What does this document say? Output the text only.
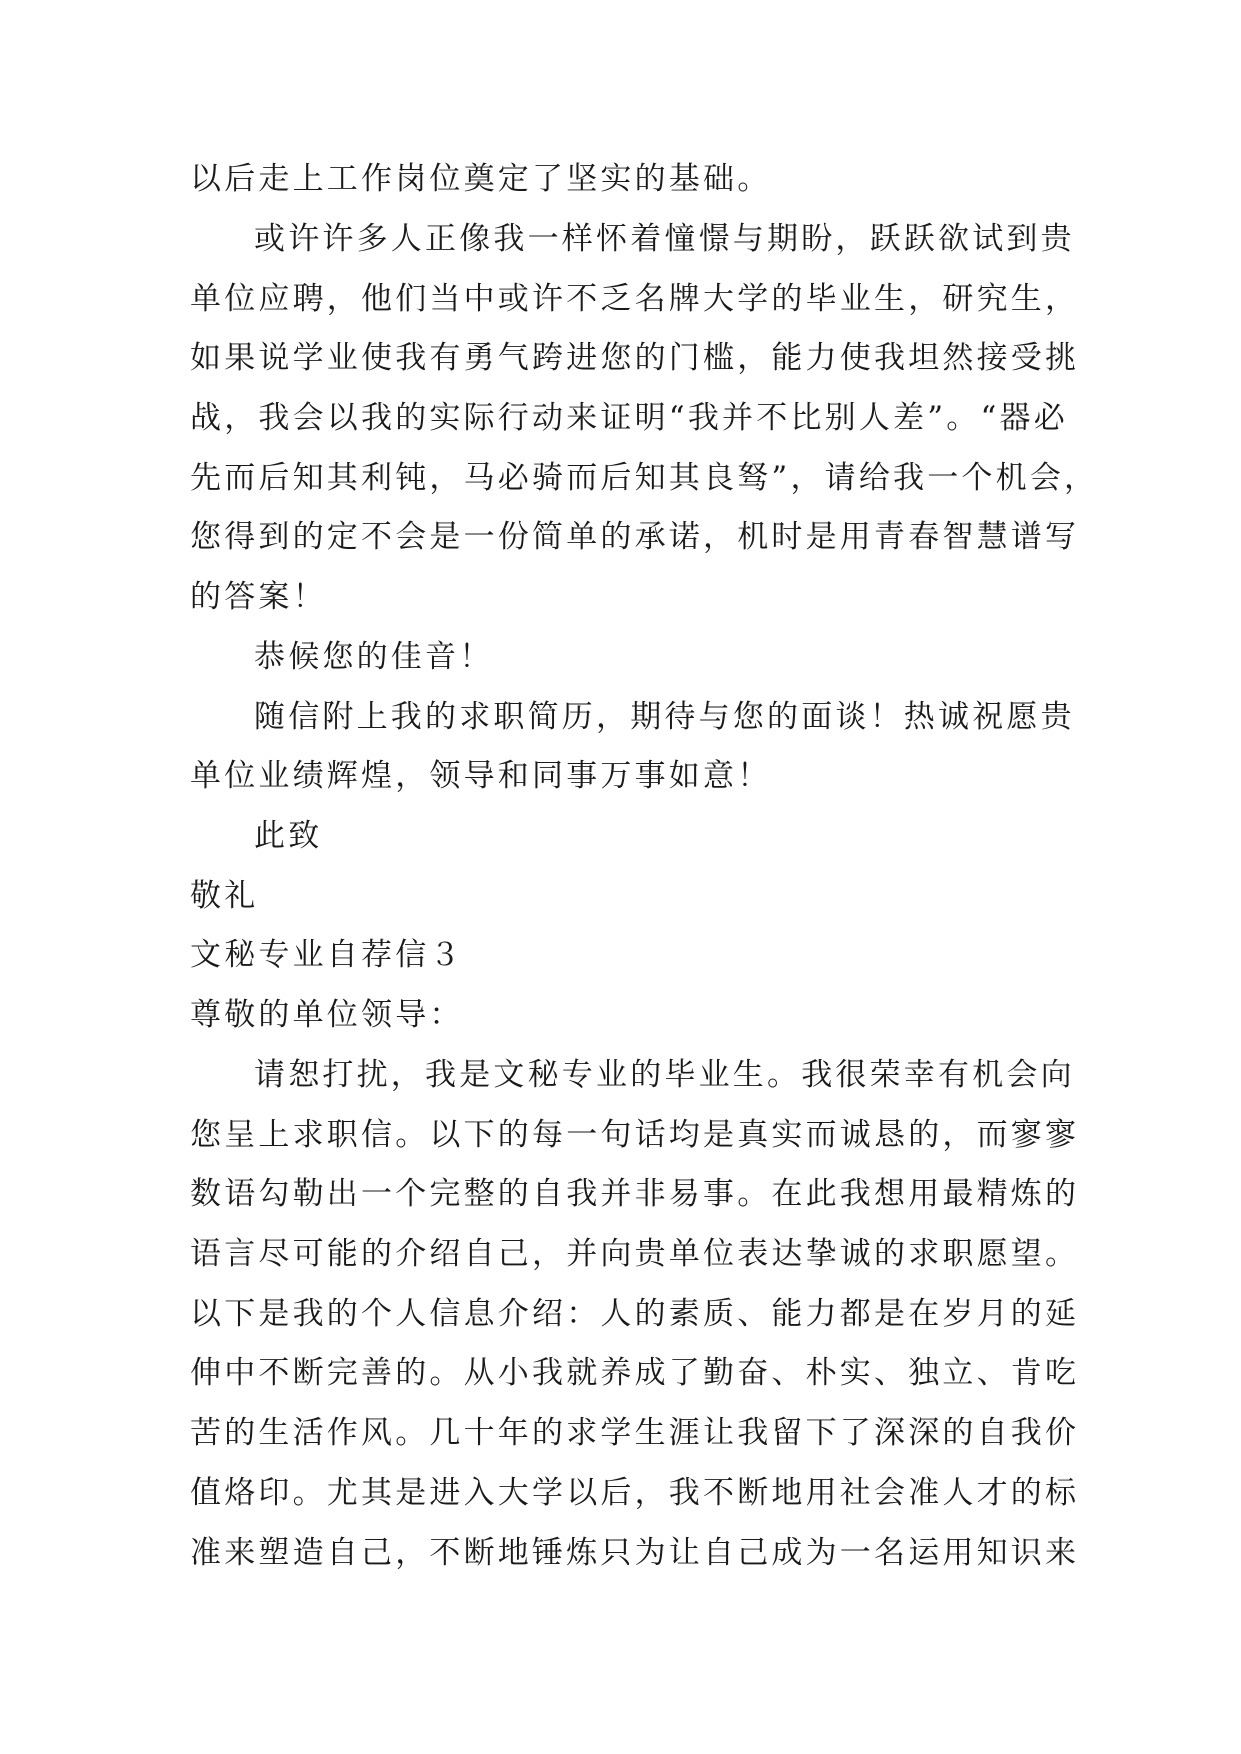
以后走上工作岗位奠定了坚实的基础。
或许许多人正像我一样怀着憧憬与期盼，跃跃欲试到贵
单位应聘，他们当中或许不乏名牌大学的毕业生，研究生，
如果说学业使我有勇气跨进您的门槛，能力使我坦然接受挑
战，我会以我的实际行动来证明“我并不比别人差”。“器必
先而后知其利钝，马必骑而后知其良驽”，请给我一个机会，
您得到的定不会是一份简单的承诺，机时是用青春智慧谱写
的答案！
恭候您的佳音！
随信附上我的求职简历，期待与您的面谈！热诚祝愿贵
单位业绩辉煌，领导和同事万事如意！
此致
敬礼
文秘专业自荐信３
尊敬的单位领导：
请恕打扰，我是文秘专业的毕业生。我很荣幸有机会向
您呈上求职信。以下的每一句话均是真实而诚恳的，而寥寥
数语勾勒出一个完整的自我并非易事。在此我想用最精炼的
语言尽可能的介绍自己，并向贵单位表达挚诚的求职愿望。
以下是我的个人信息介绍：人的素质、能力都是在岁月的延
伸中不断完善的。从小我就养成了勤奋、朴实、独立、肯吃
苦的生活作风。几十年的求学生涯让我留下了深深的自我价
值烙印。尤其是进入大学以后，我不断地用社会准人才的标
准来塑造自己，不断地锤炼只为让自己成为一名运用知识来
